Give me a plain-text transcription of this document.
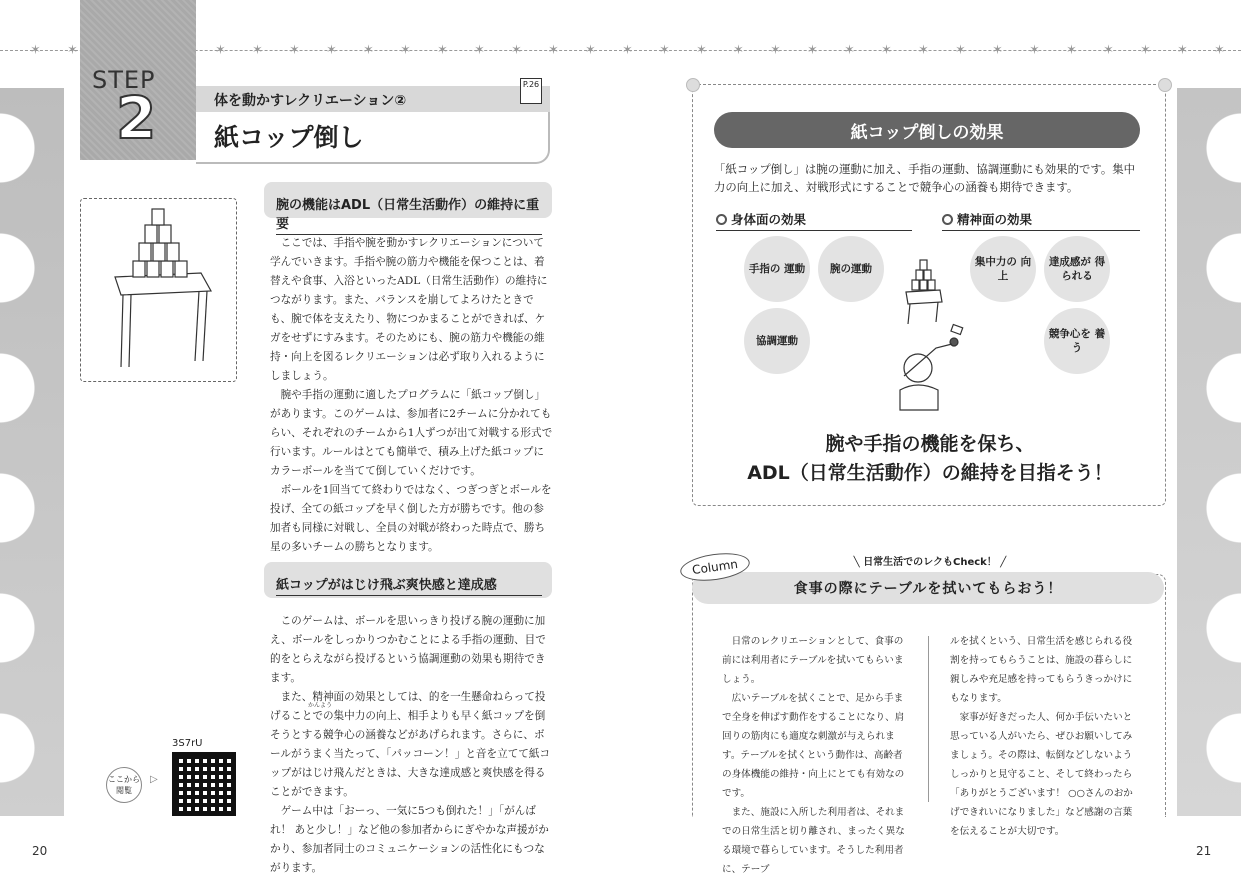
✶ ✶	✶ ✶ ✶ ✶ ✶ ✶ ✶ ✶ ✶ ✶ ✶ ✶ ✶ ✶ ✶ ✶ ✶ ✶ ✶ ✶ ✶ ✶ ✶ ✶ ✶ ✶ ✶ ✶
STEP
2	体を動かすレクリエーション②
紙コップ倒し
P.26
腕の機能はADL（日常生活動作）の維持に重要

ここでは、手指や腕を動かすレクリエーションについて学んでいきます。手指や腕の筋力や機能を保つことは、着替えや食事、入浴といったADL（日常生活動作）の維持につながります。また、バランスを崩してよろけたときでも、腕で体を支えたり、物につかまることができれば、ケガをせずにすみます。そのためにも、腕の筋力や機能の維持・向上を図るレクリエーションは必ず取り入れるようにしましょう。

腕や手指の運動に適したプログラムに「紙コップ倒し」があります。このゲームは、参加者に2チームに分かれてもらい、それぞれのチームから1人ずつが出て対戦する形式で行います。ルールはとても簡単で、積み上げた紙コップにカラーボールを当てて倒していくだけです。

ボールを1回当てて終わりではなく、つぎつぎとボールを投げ、全ての紙コップを早く倒した方が勝ちです。他の参加者も同様に対戦し、全員の対戦が終わった時点で、勝ち星の多いチームの勝ちとなります。

紙コップがはじけ飛ぶ爽快感と達成感

このゲームは、ボールを思いっきり投げる腕の運動に加え、ボールをしっかりつかむことによる手指の運動、目で的をとらえながら投げるという協調運動の効果も期待できます。

また、精神面の効果としては、的を一生懸命ねらって投げることでの集中力の向上、相手よりも早く紙コップを倒そうとする競争心の涵養などがあげられます。さらに、ボールがうまく当たって、「パッコーン！」と音を立てて紙コップがはじけ飛んだときは、大きな達成感と爽快感を得ることができます。

ゲーム中は「おーっ、一気に5つも倒れた！」「がんばれ！ あと少し！」など他の参加者からにぎやかな声援がかかり、参加者同士のコミュニケーションの活性化にもつながります。

かんよう
3S7rU
ここから 閲覧
▷
20	21
紙コップ倒しの効果
「紙コップ倒し」は腕の運動に加え、手指の運動、協調運動にも効果的です。集中力の向上に加え、対戦形式にすることで競争心の涵養も期待できます。
身体面の効果	精神面の効果
手指の 運動	腕の運動
協調運動
集中力の 向上
達成感が 得られる
競争心を 養う
腕や手指の機能を保ち、
ADL（日常生活動作）の維持を目指そう！
╲ 日常生活でのレクもCheck！ ╱
食事の際にテーブルを拭いてもらおう！
Column

日常のレクリエーションとして、食事の前には利用者にテーブルを拭いてもらいましょう。

広いテーブルを拭くことで、足から手まで全身を伸ばす動作をすることになり、肩回りの筋肉にも適度な刺激が与えられます。テーブルを拭くという動作は、高齢者の身体機能の維持・向上にとても有効なのです。

また、施設に入所した利用者は、それまでの日常生活と切り離され、まったく異なる環境で暮らしています。そうした利用者に、テーブ

ルを拭くという、日常生活を感じられる役割を持ってもらうことは、施設の暮らしに親しみや充足感を持ってもらうきっかけにもなります。

家事が好きだった人、何か手伝いたいと思っている人がいたら、ぜひお願いしてみましょう。その際は、転倒などしないようしっかりと見守ること、そして終わったら「ありがとうございます！ ○○さんのおかげできれいになりました」など感謝の言葉を伝えることが大切です。
